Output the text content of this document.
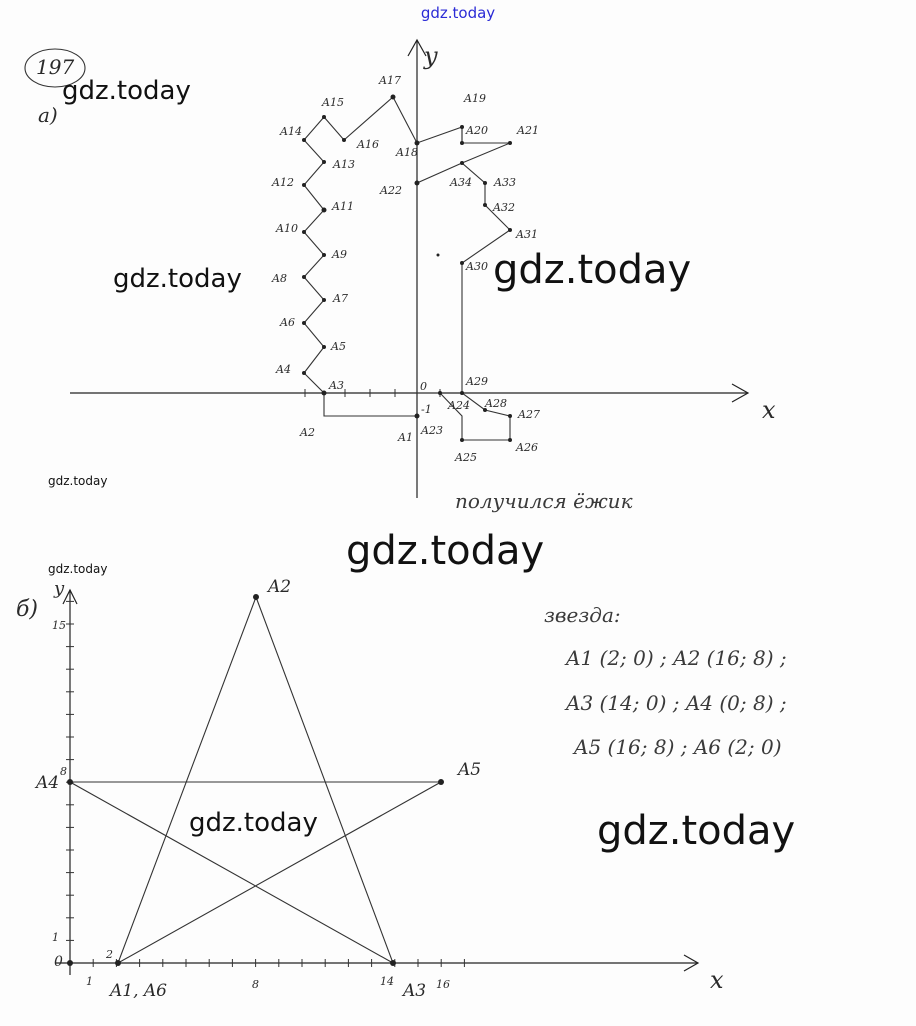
197
а)
y
x
0
-1
A1
A2
A3
A4
A5
A6
A7
A8
A9
A10
A11
A12
A13
A14
A15
A16
A17
A18
A19
A20	A21
A22
A23
A24
A25
A26
A27
A28
A29
A30
A31
A32
A33
A34
получился ёжик
б)
y
x
0
1	8	14	16
1
8
15
2
A1, A6
A2
A3
A4
A5
звезда:
A1 (2; 0) ; A2 (16; 8) ;
A3 (14; 0) ; A4 (0; 8) ;
A5 (16; 8) ; A6 (2; 0)
gdz.today
gdz.today
gdz.today	gdz.today
gdz.today
gdz.today
gdz.today
gdz.today	gdz.today
